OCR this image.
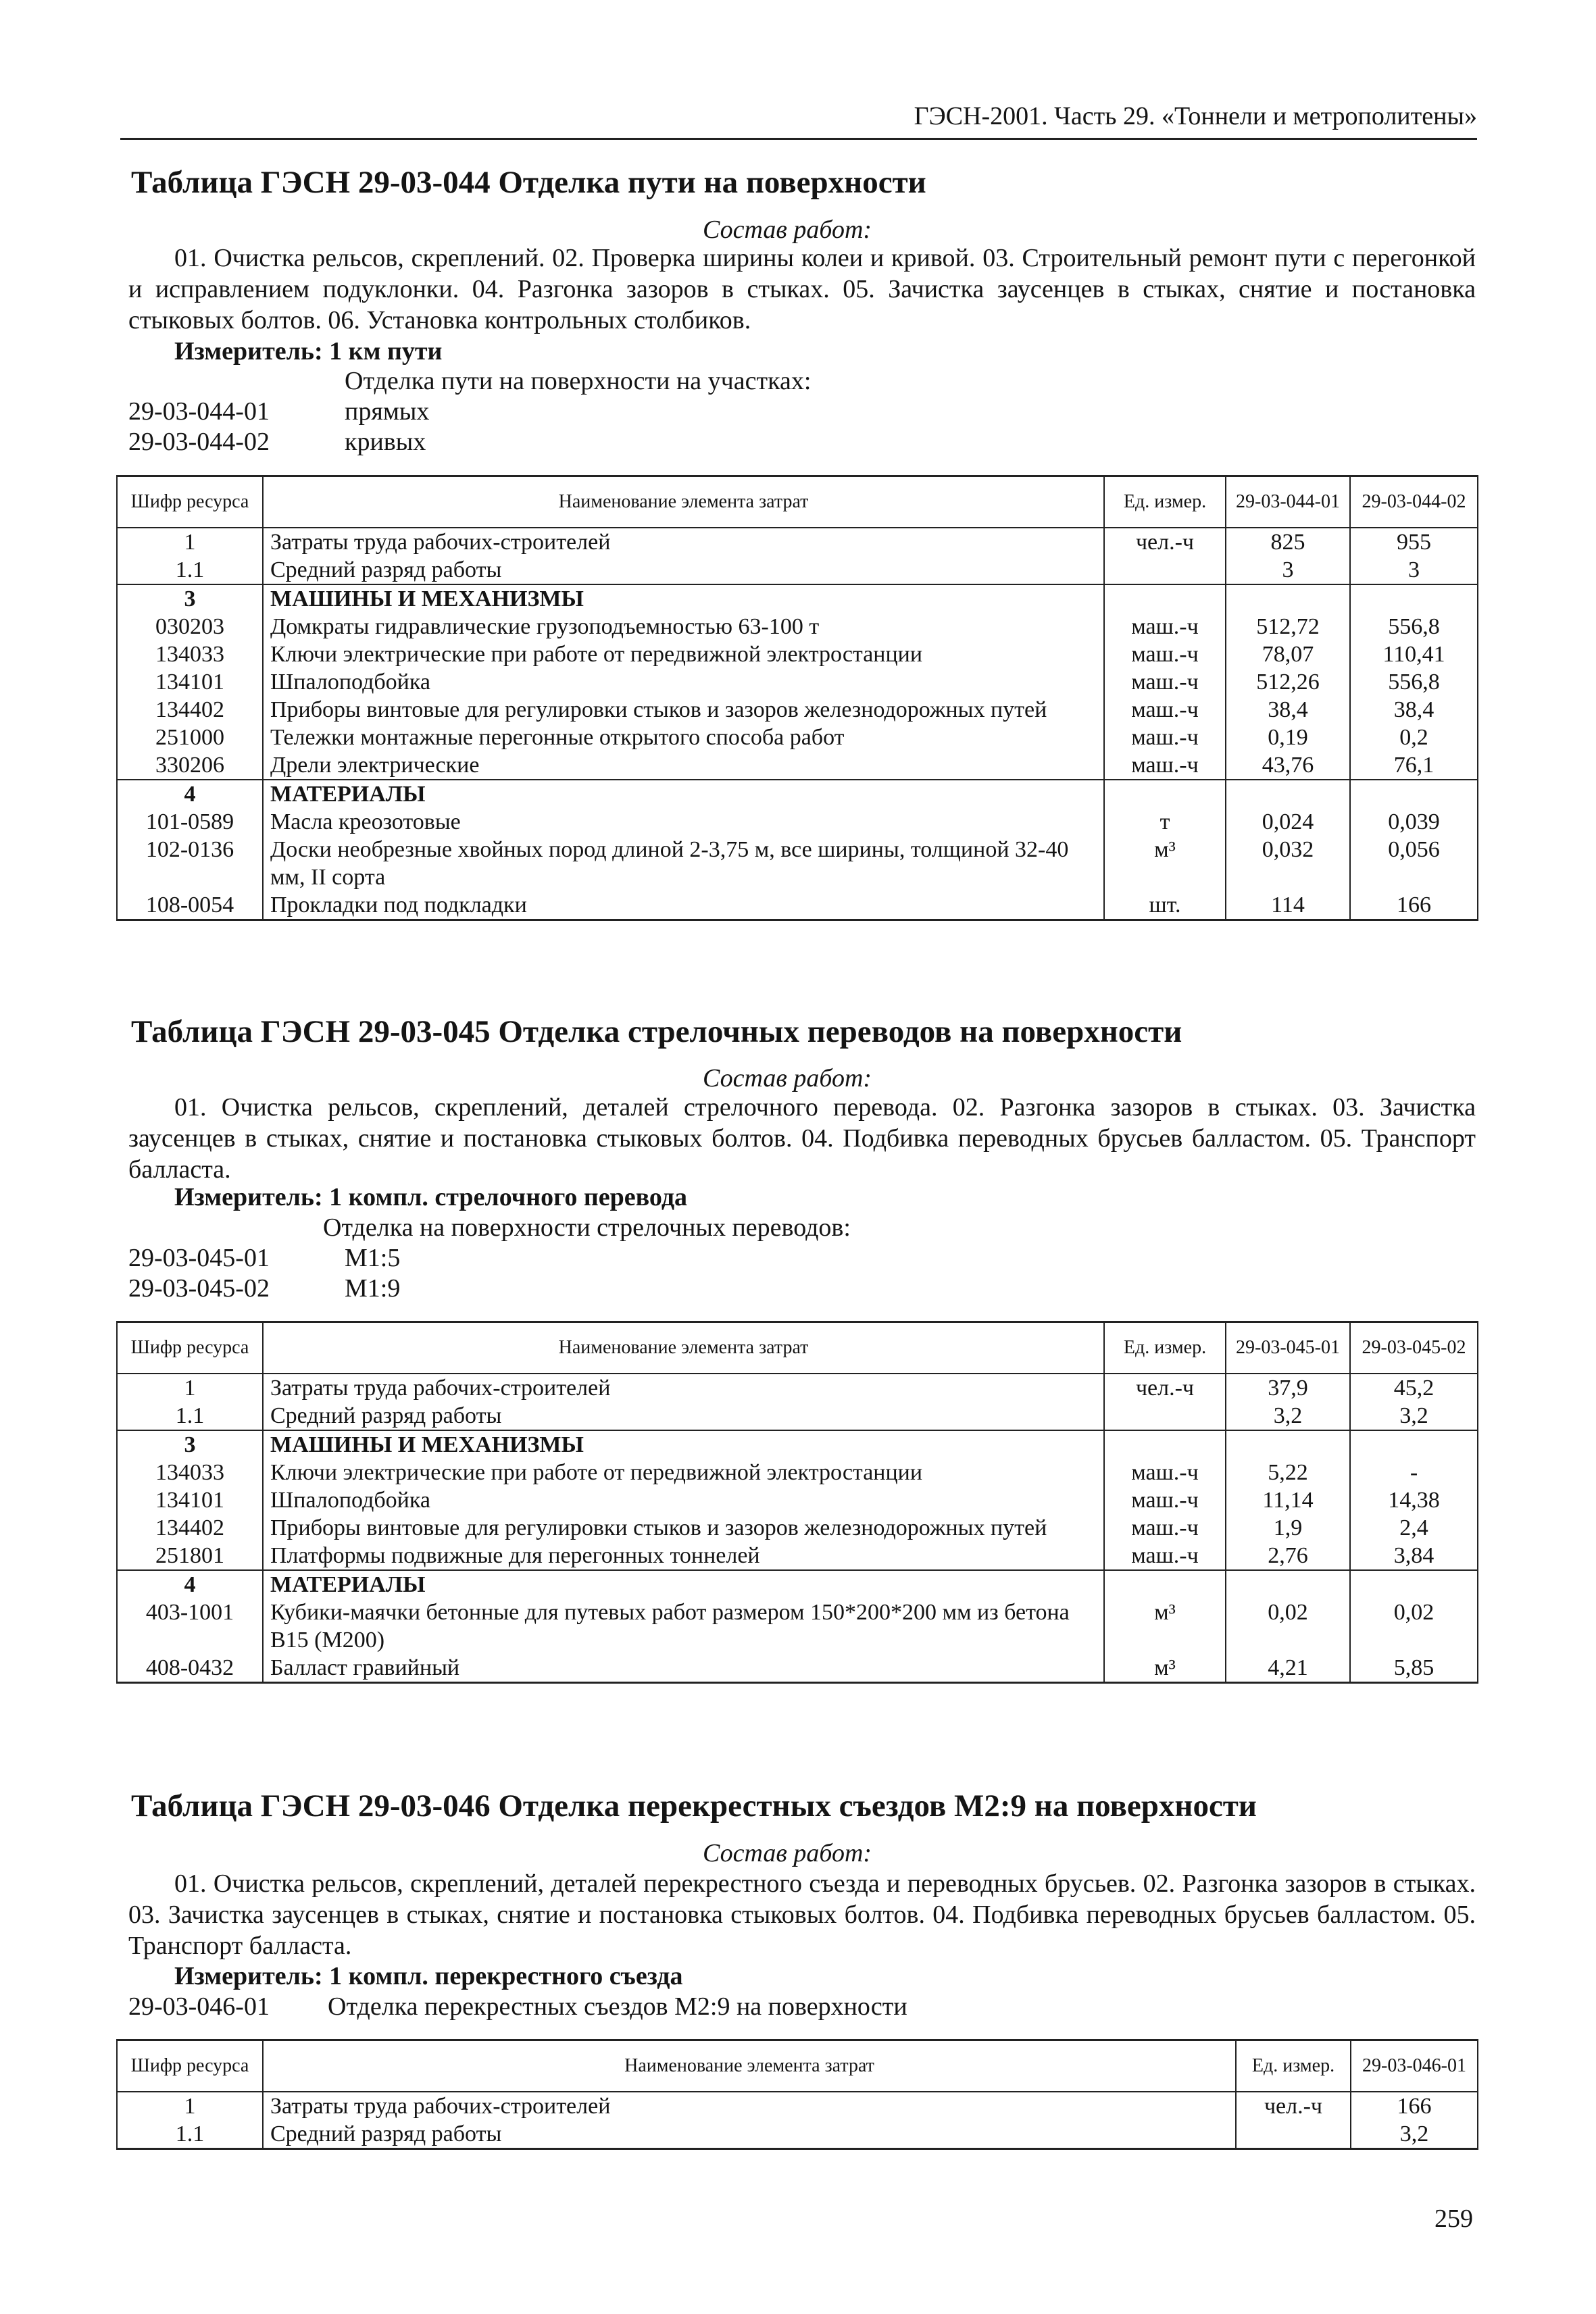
ГЭСН-2001. Часть 29. «Тоннели и метрополитены»
Таблица ГЭСН 29-03-044 Отделка пути на поверхности
Состав работ:
01. Очистка рельсов, скреплений. 02. Проверка ширины колеи и кривой. 03. Строительный ремонт пути с перегонкой и исправлением подуклонки. 04. Разгонка зазоров в стыках. 05. Зачистка заусенцев в стыках, снятие и постановка стыковых болтов. 06. Установка контрольных столбиков.
Измеритель: 1 км пути
Отделка пути на поверхности на участках:
29-03-044-01	прямых
29-03-044-02	кривых
Шифр ресурса	Наименование элемента затрат	Ед. измер.	29-03-044-01	29-03-044-02
1	Затраты труда рабочих-строителей	чел.-ч	825	955
1.1	Средний разряд работы		3	3
3	МАШИНЫ И МЕХАНИЗМЫ			
030203	Домкраты гидравлические грузоподъемностью 63-100 т	маш.-ч	512,72	556,8
134033	Ключи электрические при работе от передвижной электростанции	маш.-ч	78,07	110,41
134101	Шпалоподбойка	маш.-ч	512,26	556,8
134402	Приборы винтовые для регулировки стыков и зазоров железнодорожных путей	маш.-ч	38,4	38,4
251000	Тележки монтажные перегонные открытого способа работ	маш.-ч	0,19	0,2
330206	Дрели электрические	маш.-ч	43,76	76,1
4	МАТЕРИАЛЫ			
101-0589	Масла креозотовые	т	0,024	0,039
102-0136	Доски необрезные хвойных пород длиной 2-3,75 м, все ширины, толщиной 32-40 мм, II сорта	м³	0,032	0,056
108-0054	Прокладки под подкладки	шт.	114	166
Таблица ГЭСН 29-03-045 Отделка стрелочных переводов на поверхности
Состав работ:
01. Очистка рельсов, скреплений, деталей стрелочного перевода. 02. Разгонка зазоров в стыках. 03. Зачистка заусенцев в стыках, снятие и постановка стыковых болтов. 04. Подбивка переводных брусьев балластом. 05. Транспорт балласта.
Измеритель: 1 компл. стрелочного перевода
Отделка на поверхности стрелочных переводов:
29-03-045-01	М1:5
29-03-045-02	М1:9
Шифр ресурса	Наименование элемента затрат	Ед. измер.	29-03-045-01	29-03-045-02
1	Затраты труда рабочих-строителей	чел.-ч	37,9	45,2
1.1	Средний разряд работы		3,2	3,2
3	МАШИНЫ И МЕХАНИЗМЫ			
134033	Ключи электрические при работе от передвижной электростанции	маш.-ч	5,22	-
134101	Шпалоподбойка	маш.-ч	11,14	14,38
134402	Приборы винтовые для регулировки стыков и зазоров железнодорожных путей	маш.-ч	1,9	2,4
251801	Платформы подвижные для перегонных тоннелей	маш.-ч	2,76	3,84
4	МАТЕРИАЛЫ			
403-1001	Кубики-маячки бетонные для путевых работ размером 150*200*200 мм из бетона В15 (М200)	м³	0,02	0,02
408-0432	Балласт гравийный	м³	4,21	5,85
Таблица ГЭСН 29-03-046 Отделка перекрестных съездов М2:9 на поверхности
Состав работ:
01. Очистка рельсов, скреплений, деталей перекрестного съезда и переводных брусьев. 02. Разгонка зазоров в стыках. 03. Зачистка заусенцев в стыках, снятие и постановка стыковых болтов. 04. Подбивка переводных брусьев балластом. 05. Транспорт балласта.
Измеритель: 1 компл. перекрестного съезда
29-03-046-01 Отделка перекрестных съездов М2:9 на поверхности
Шифр ресурса	Наименование элемента затрат	Ед. измер.	29-03-046-01
1	Затраты труда рабочих-строителей	чел.-ч	166
1.1	Средний разряд работы		3,2
259
